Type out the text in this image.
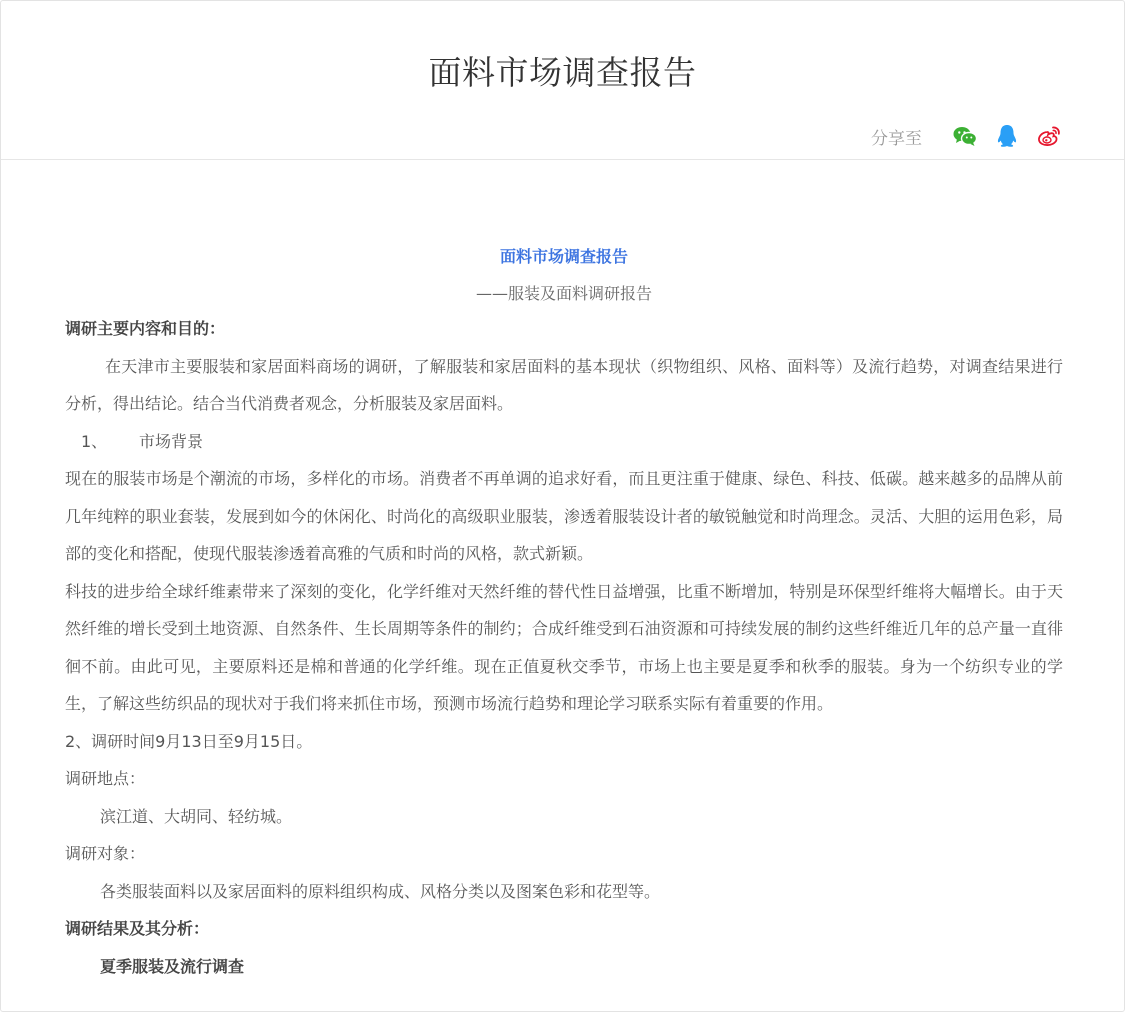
面料市场调查报告
分享至

面料市场调查报告

——服装及面料调研报告

调研主要内容和目的：

在天津市主要服装和家居面料商场的调研，了解服装和家居面料的基本现状（织物组织、风格、面料等）及流行趋势，对调查结果进行分析，得出结论。结合当代消费者观念，分析服装及家居面料。

1、 市场背景

现在的服装市场是个潮流的市场，多样化的市场。消费者不再单调的追求好看，而且更注重于健康、绿色、科技、低碳。越来越多的品牌从前几年纯粹的职业套装，发展到如今的休闲化、时尚化的高级职业服装，渗透着服装设计者的敏锐触觉和时尚理念。灵活、大胆的运用色彩，局部的变化和搭配，使现代服装渗透着高雅的气质和时尚的风格，款式新颖。

科技的进步给全球纤维素带来了深刻的变化，化学纤维对天然纤维的替代性日益增强，比重不断增加，特别是环保型纤维将大幅增长。由于天然纤维的增长受到土地资源、自然条件、生长周期等条件的制约；合成纤维受到石油资源和可持续发展的制约这些纤维近几年的总产量一直徘徊不前。由此可见，主要原料还是棉和普通的化学纤维。现在正值夏秋交季节，市场上也主要是夏季和秋季的服装。身为一个纺织专业的学生，了解这些纺织品的现状对于我们将来抓住市场，预测市场流行趋势和理论学习联系实际有着重要的作用。

2、调研时间9月13日至9月15日。

调研地点：

滨江道、大胡同、轻纺城。

调研对象：

各类服装面料以及家居面料的原料组织构成、风格分类以及图案色彩和花型等。

调研结果及其分析：

夏季服装及流行调查
